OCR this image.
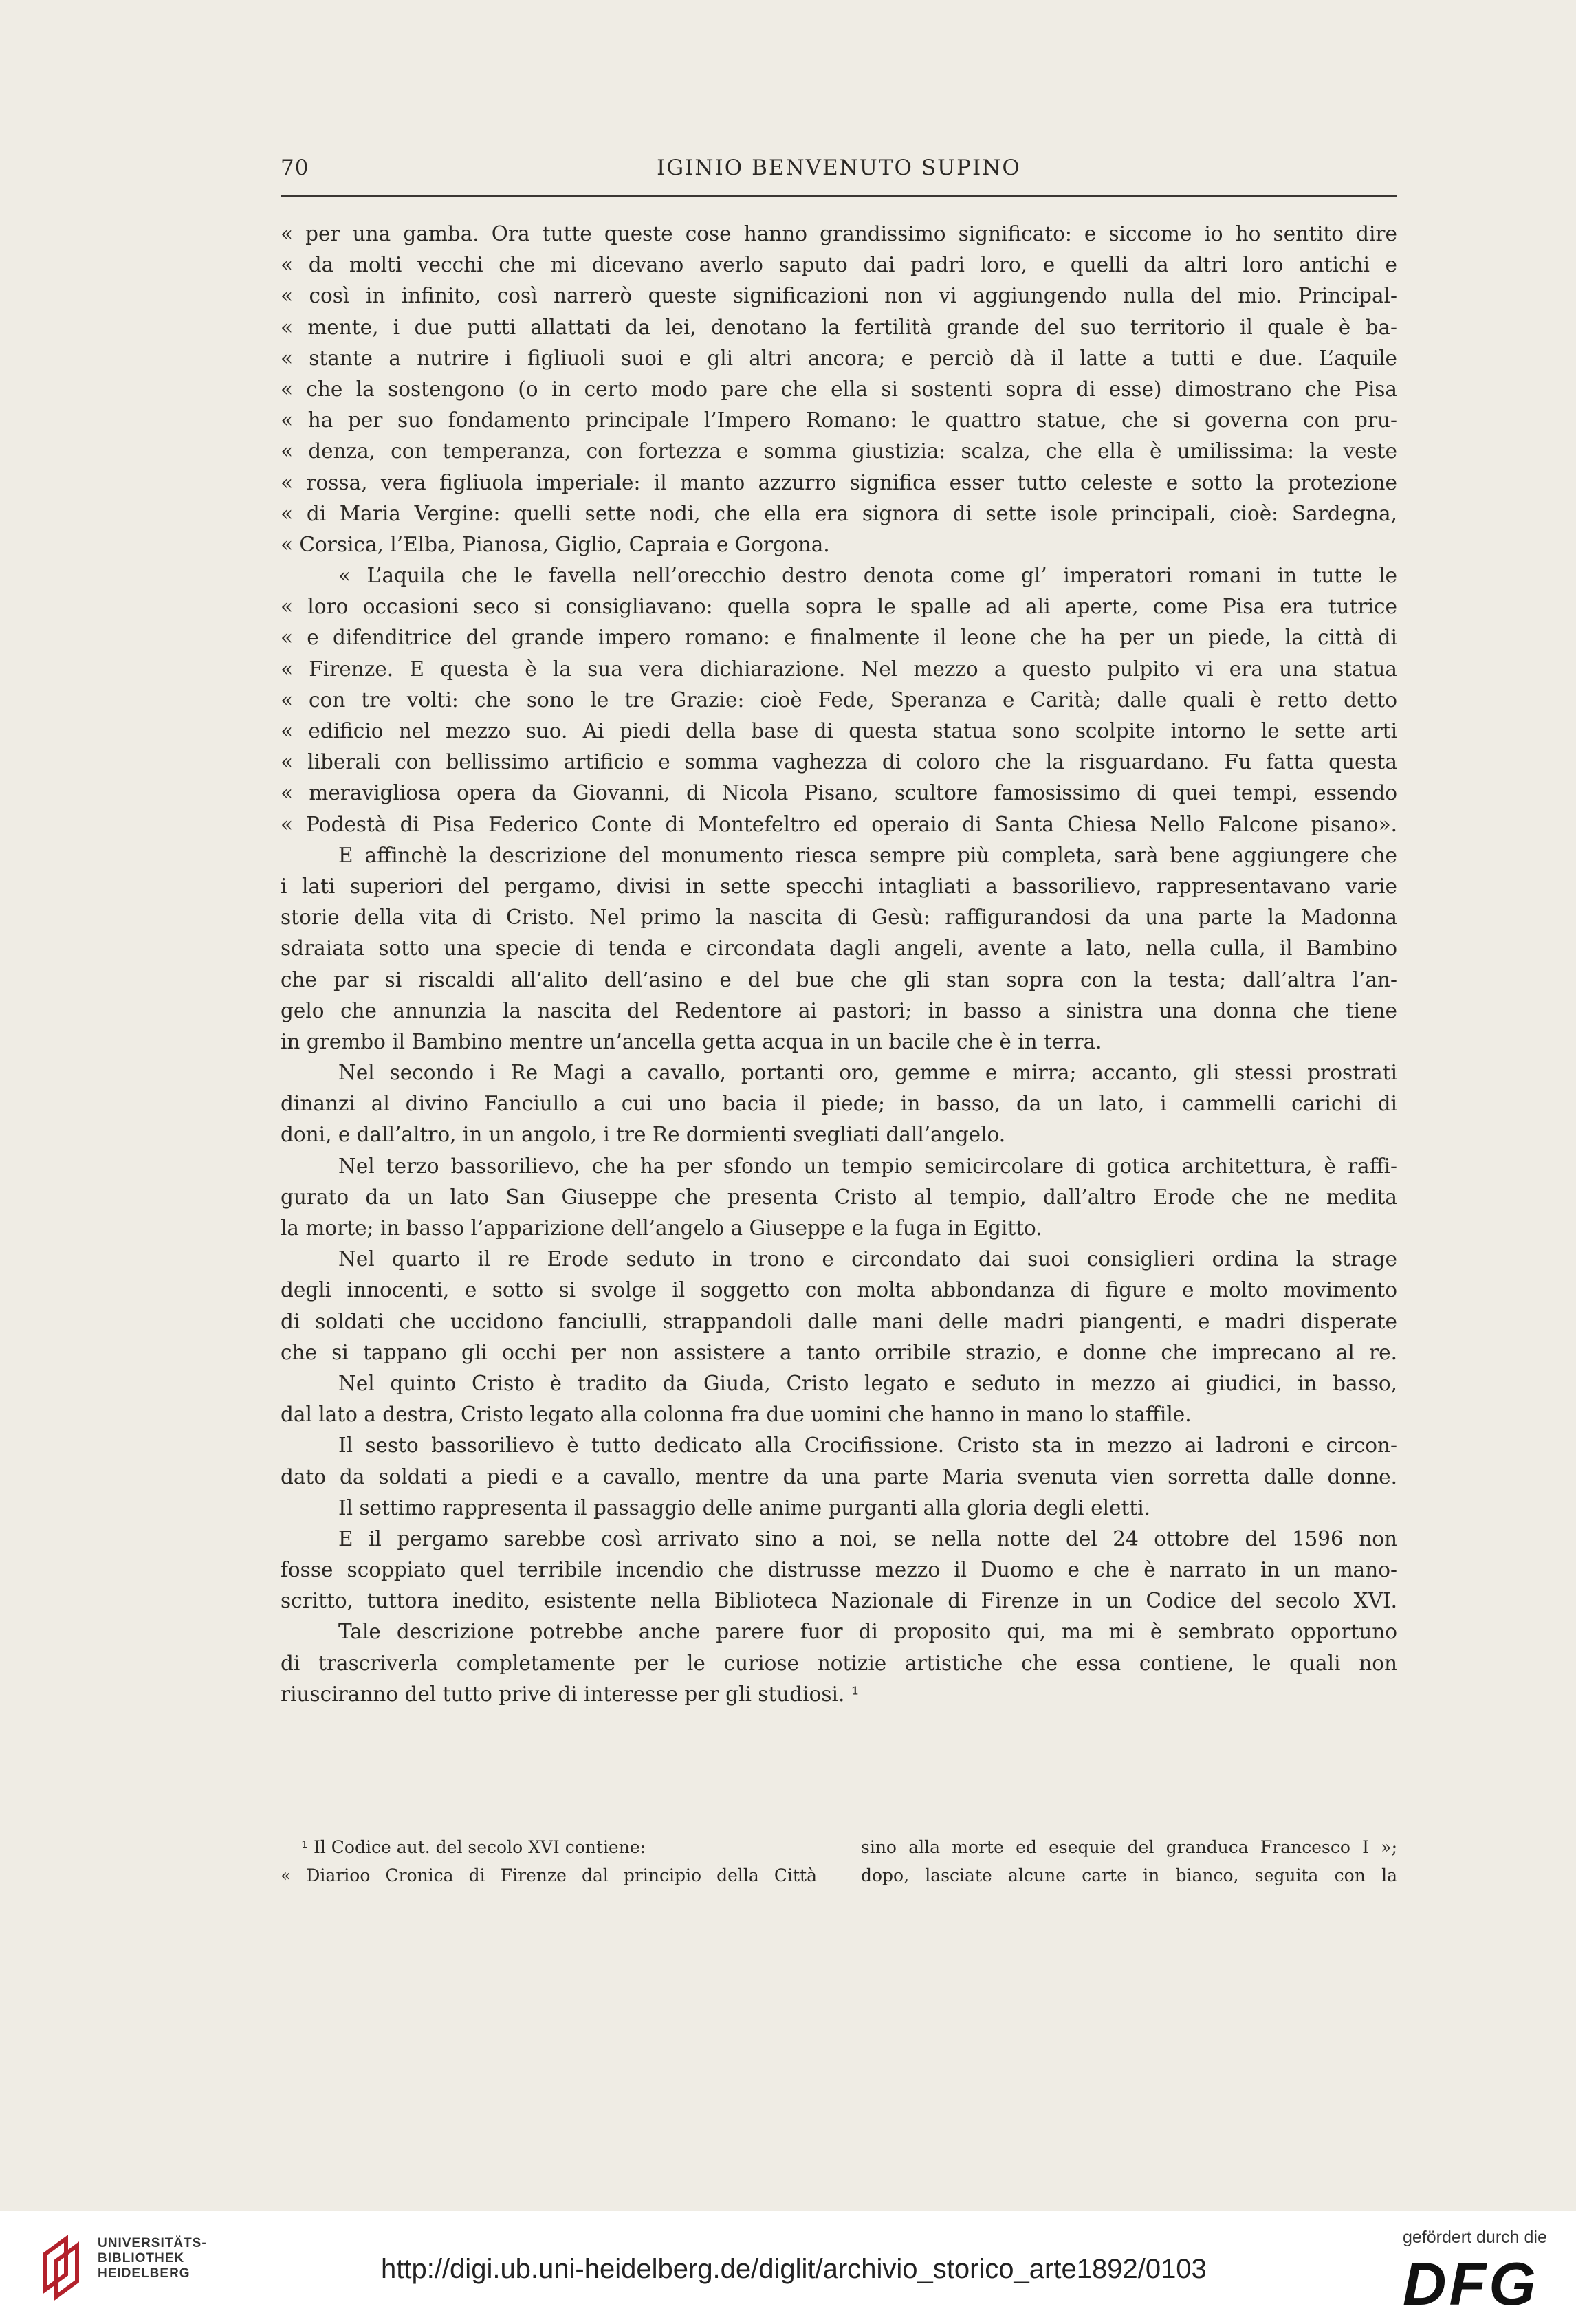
70	IGINIO BENVENUTO SUPINO
« per una gamba. Ora tutte queste cose hanno grandissimo significato: e siccome io ho sentito dire
« da molti vecchi che mi dicevano averlo saputo dai padri loro, e quelli da altri loro antichi e
« così in infinito, così narrerò queste significazioni non vi aggiungendo nulla del mio. Principal-
« mente, i due putti allattati da lei, denotano la fertilità grande del suo territorio il quale è ba-
« stante a nutrire i figliuoli suoi e gli altri ancora; e perciò dà il latte a tutti e due. L’aquile
« che la sostengono (o in certo modo pare che ella si sostenti sopra di esse) dimostrano che Pisa
« ha per suo fondamento principale l’Impero Romano: le quattro statue, che si governa con pru-
« denza, con temperanza, con fortezza e somma giustizia: scalza, che ella è umilissima: la veste
« rossa, vera figliuola imperiale: il manto azzurro significa esser tutto celeste e sotto la protezione
« di Maria Vergine: quelli sette nodi, che ella era signora di sette isole principali, cioè: Sardegna,
« Corsica, l’Elba, Pianosa, Giglio, Capraia e Gorgona.
« L’aquila che le favella nell’orecchio destro denota come gl’ imperatori romani in tutte le
« loro occasioni seco si consigliavano: quella sopra le spalle ad ali aperte, come Pisa era tutrice
« e difenditrice del grande impero romano: e finalmente il leone che ha per un piede, la città di
« Firenze. E questa è la sua vera dichiarazione. Nel mezzo a questo pulpito vi era una statua
« con tre volti: che sono le tre Grazie: cioè Fede, Speranza e Carità; dalle quali è retto detto
« edificio nel mezzo suo. Ai piedi della base di questa statua sono scolpite intorno le sette arti
« liberali con bellissimo artificio e somma vaghezza di coloro che la risguardano. Fu fatta questa
« meravigliosa opera da Giovanni, di Nicola Pisano, scultore famosissimo di quei tempi, essendo
« Podestà di Pisa Federico Conte di Montefeltro ed operaio di Santa Chiesa Nello Falcone pisano».
E affinchè la descrizione del monumento riesca sempre più completa, sarà bene aggiungere che
i lati superiori del pergamo, divisi in sette specchi intagliati a bassorilievo, rappresentavano varie
storie della vita di Cristo. Nel primo la nascita di Gesù: raffigurandosi da una parte la Madonna
sdraiata sotto una specie di tenda e circondata dagli angeli, avente a lato, nella culla, il Bambino
che par si riscaldi all’alito dell’asino e del bue che gli stan sopra con la testa; dall’altra l’an-
gelo che annunzia la nascita del Redentore ai pastori; in basso a sinistra una donna che tiene
in grembo il Bambino mentre un’ancella getta acqua in un bacile che è in terra.
Nel secondo i Re Magi a cavallo, portanti oro, gemme e mirra; accanto, gli stessi prostrati
dinanzi al divino Fanciullo a cui uno bacia il piede; in basso, da un lato, i cammelli carichi di
doni, e dall’altro, in un angolo, i tre Re dormienti svegliati dall’angelo.
Nel terzo bassorilievo, che ha per sfondo un tempio semicircolare di gotica architettura, è raffi-
gurato da un lato San Giuseppe che presenta Cristo al tempio, dall’altro Erode che ne medita
la morte; in basso l’apparizione dell’angelo a Giuseppe e la fuga in Egitto.
Nel quarto il re Erode seduto in trono e circondato dai suoi consiglieri ordina la strage
degli innocenti, e sotto si svolge il soggetto con molta abbondanza di figure e molto movimento
di soldati che uccidono fanciulli, strappandoli dalle mani delle madri piangenti, e madri disperate
che si tappano gli occhi per non assistere a tanto orribile strazio, e donne che imprecano al re.
Nel quinto Cristo è tradito da Giuda, Cristo legato e seduto in mezzo ai giudici, in basso,
dal lato a destra, Cristo legato alla colonna fra due uomini che hanno in mano lo staffile.
Il sesto bassorilievo è tutto dedicato alla Crocifissione. Cristo sta in mezzo ai ladroni e circon-
dato da soldati a piedi e a cavallo, mentre da una parte Maria svenuta vien sorretta dalle donne.
Il settimo rappresenta il passaggio delle anime purganti alla gloria degli eletti.
E il pergamo sarebbe così arrivato sino a noi, se nella notte del 24 ottobre del 1596 non
fosse scoppiato quel terribile incendio che distrusse mezzo il Duomo e che è narrato in un mano-
scritto, tuttora inedito, esistente nella Biblioteca Nazionale di Firenze in un Codice del secolo XVI.
Tale descrizione potrebbe anche parere fuor di proposito qui, ma mi è sembrato opportuno
di trascriverla completamente per le curiose notizie artistiche che essa contiene, le quali non
riusciranno del tutto prive di interesse per gli studiosi. ¹
¹ Il Codice aut. del secolo XVI contiene:
« Diarioo Cronica di Firenze dal principio della Città
sino alla morte ed esequie del granduca Francesco I »;
dopo, lasciate alcune carte in bianco, seguita con la
UNIVERSITÄTS-
BIBLIOTHEK
HEIDELBERG	http://digi.ub.uni-heidelberg.de/diglit/archivio_storico_arte1892/0103
gefördert durch die
DFG
